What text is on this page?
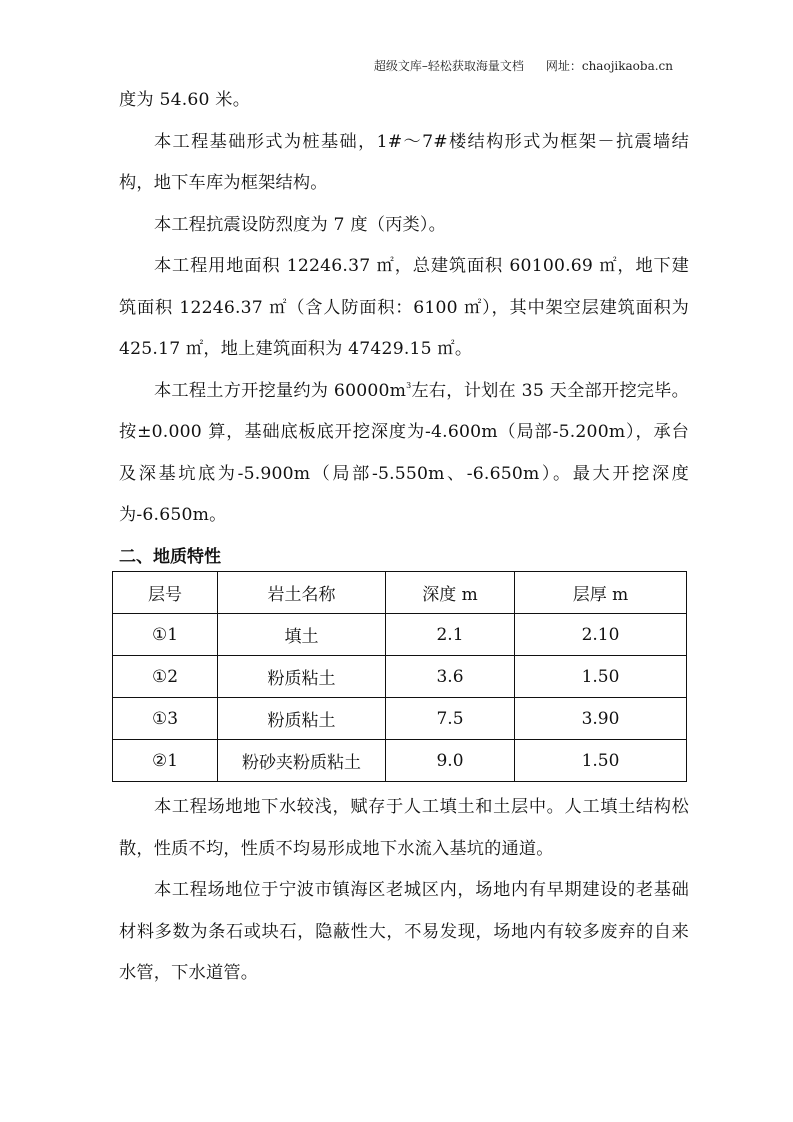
超级文库–轻松获取海量文档 网址：chaojikaoba.cn

度为 54.60 米。

本工程基础形式为桩基础，1#～7#楼结构形式为框架－抗震墙结构，地下车库为框架结构。

本工程抗震设防烈度为 7 度（丙类）。

本工程用地面积 12246.37 ㎡，总建筑面积 60100.69 ㎡，地下建筑面积 12246.37 ㎡（含人防面积：6100 ㎡），其中架空层建筑面积为 425.17 ㎡，地上建筑面积为 47429.15 ㎡。

本工程土方开挖量约为 $60000m^3$左右，计划在 35 天全部开挖完毕。按±0.000 算，基础底板底开挖深度为-4.600m（局部-5.200m），承台及深基坑底为-5.900m（局部-5.550m、-6.650m）。最大开挖深度为-6.650m。

二、地质特性

层号	岩土名称	深度 m	层厚 m
①1	填土	2.1	2.10
①2	粉质粘土	3.6	1.50
①3	粉质粘土	7.5	3.90
②1	粉砂夹粉质粘土	9.0	1.50

本工程场地地下水较浅，赋存于人工填土和土层中。人工填土结构松散，性质不均，性质不均易形成地下水流入基坑的通道。

本工程场地位于宁波市镇海区老城区内，场地内有早期建设的老基础材料多数为条石或块石，隐蔽性大，不易发现，场地内有较多废弃的自来水管，下水道管。
